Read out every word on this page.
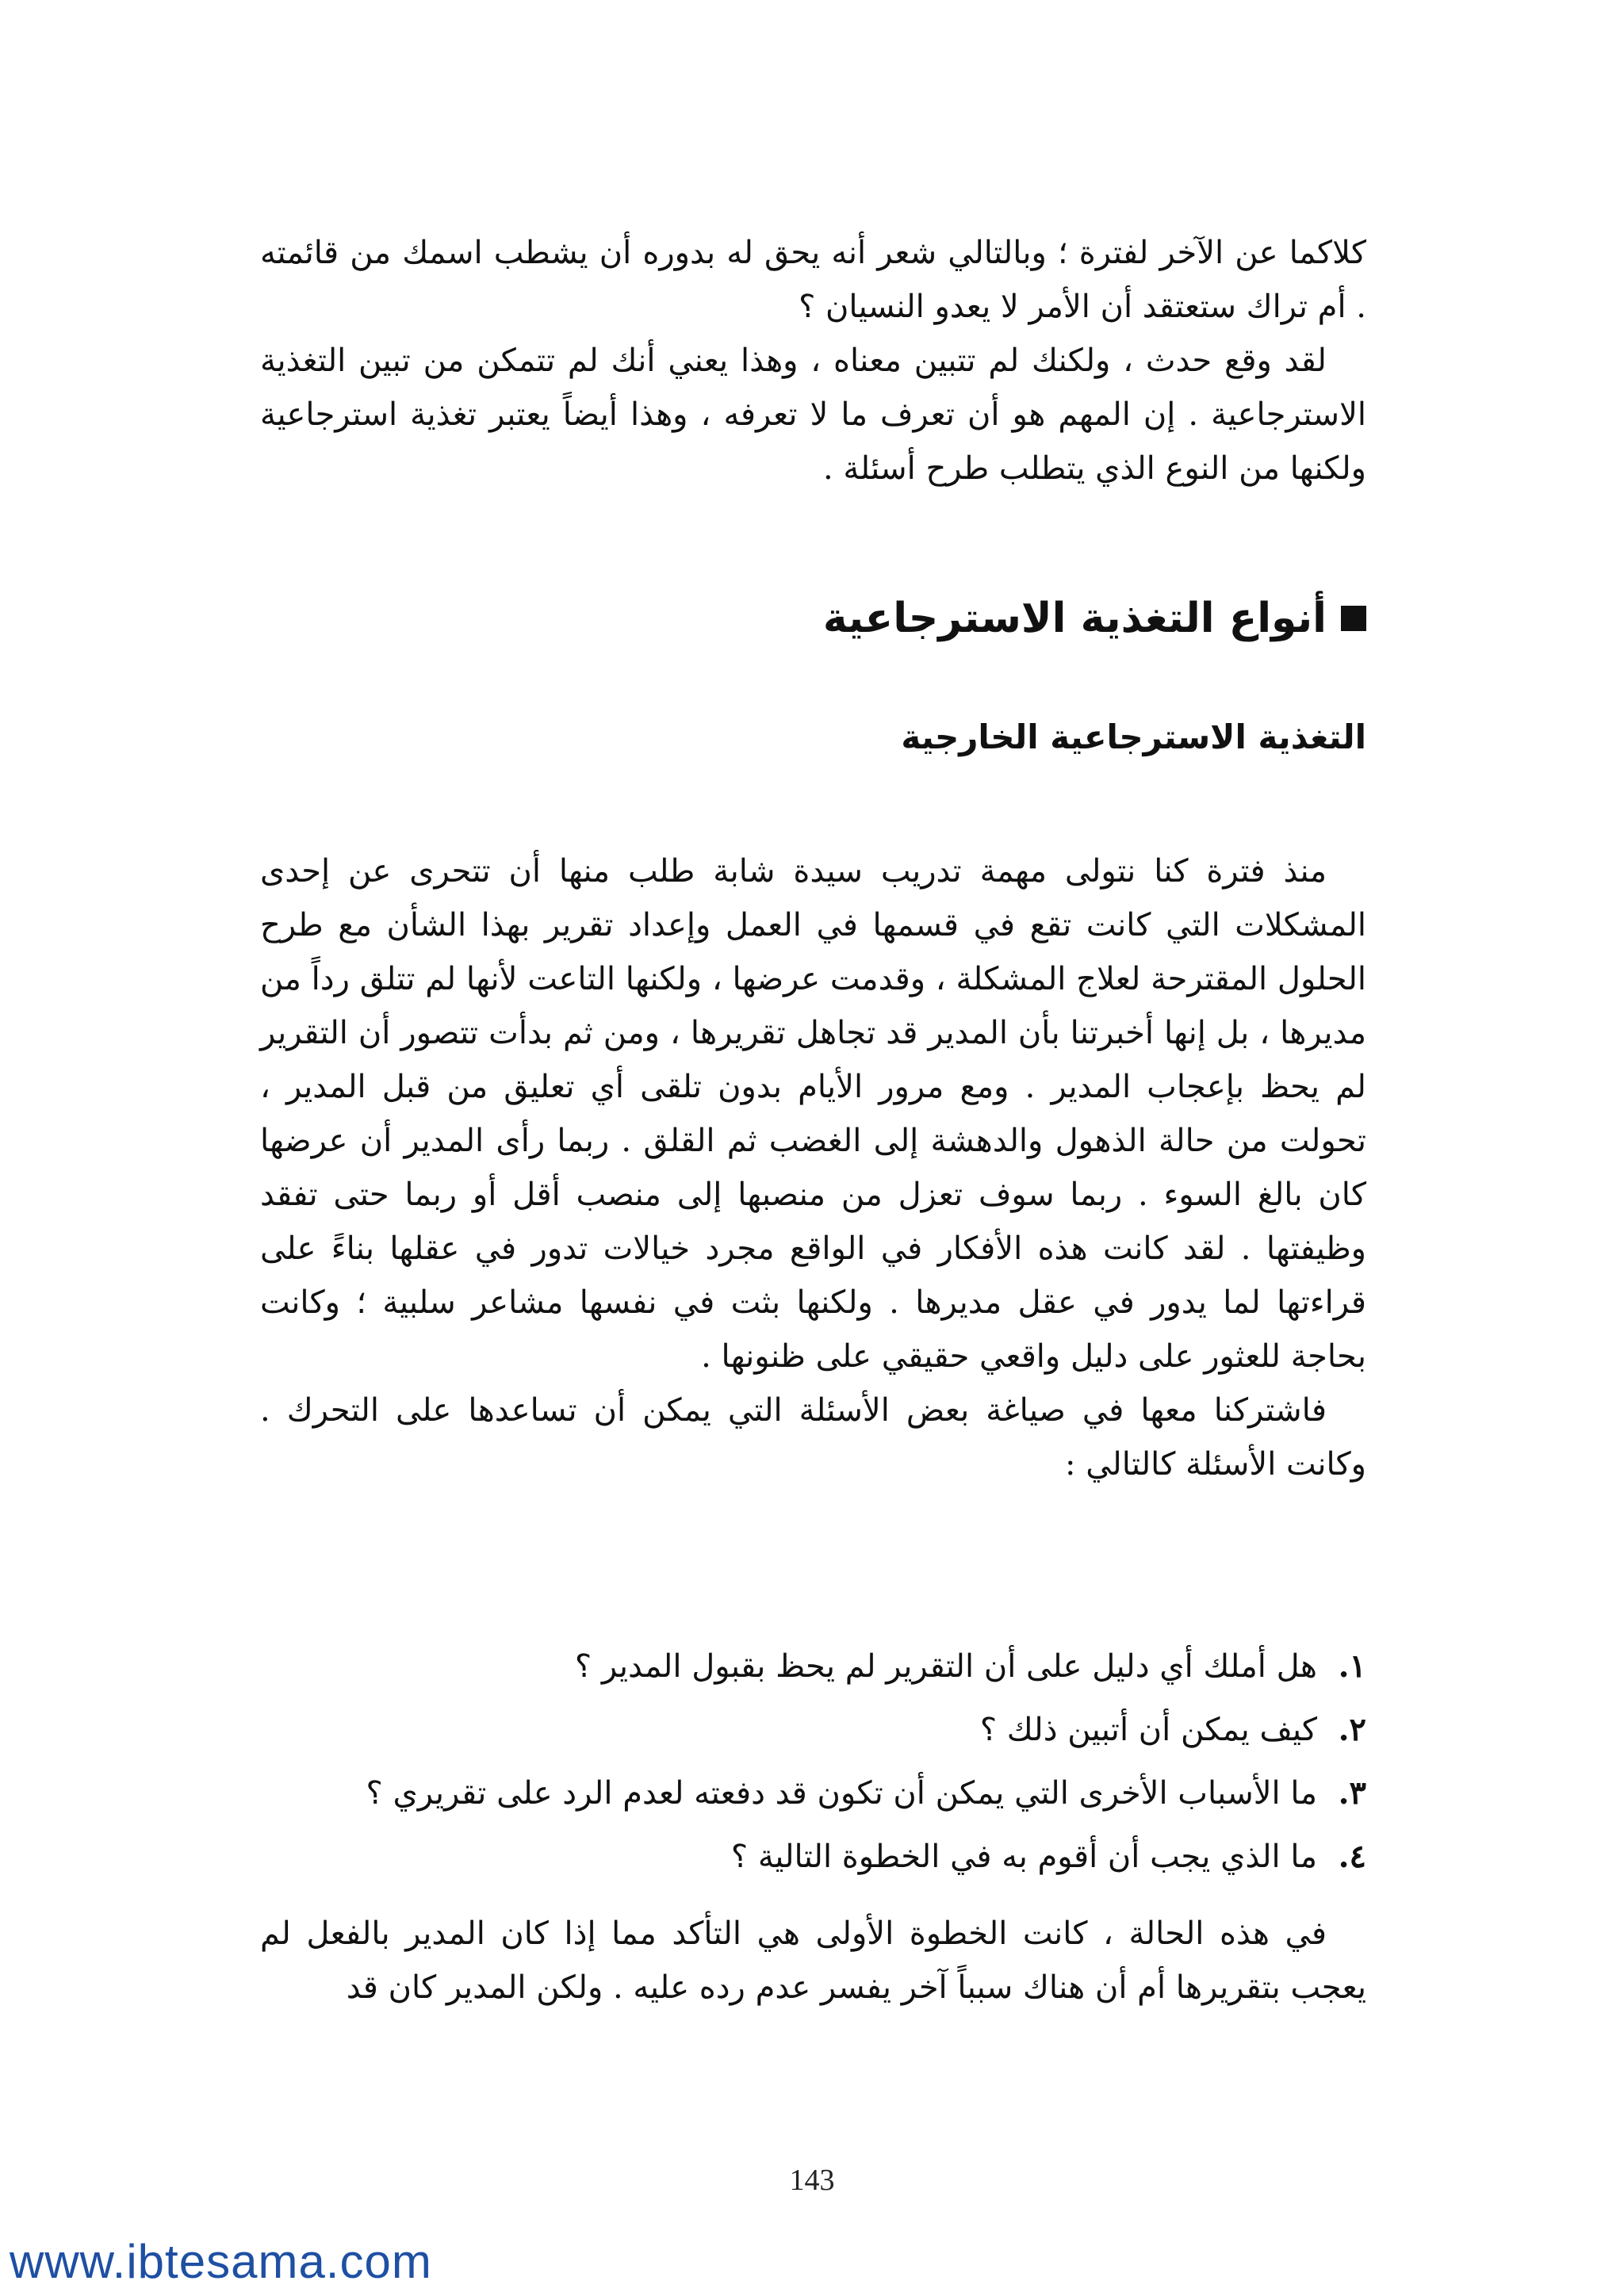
كلاكما عن الآخر لفترة ؛ وبالتالي شعر أنه يحق له بدوره أن يشطب اسمك من قائمته . أم تراك ستعتقد أن الأمر لا يعدو النسيان ؟

لقد وقع حدث ، ولكنك لم تتبين معناه ، وهذا يعني أنك لم تتمكن من تبين التغذية الاسترجاعية . إن المهم هو أن تعرف ما لا تعرفه ، وهذا أيضاً يعتبر تغذية استرجاعية ولكنها من النوع الذي يتطلب طرح أسئلة .

أنواع التغذية الاسترجاعية
التغذية الاسترجاعية الخارجية

منذ فترة كنا نتولى مهمة تدريب سيدة شابة طلب منها أن تتحرى عن إحدى المشكلات التي كانت تقع في قسمها في العمل وإعداد تقرير بهذا الشأن مع طرح الحلول المقترحة لعلاج المشكلة ، وقدمت عرضها ، ولكنها التاعت لأنها لم تتلق رداً من مديرها ، بل إنها أخبرتنا بأن المدير قد تجاهل تقريرها ، ومن ثم بدأت تتصور أن التقرير لم يحظ بإعجاب المدير . ومع مرور الأيام بدون تلقى أي تعليق من قبل المدير ، تحولت من حالة الذهول والدهشة إلى الغضب ثم القلق . ربما رأى المدير أن عرضها كان بالغ السوء . ربما سوف تعزل من منصبها إلى منصب أقل أو ربما حتى تفقد وظيفتها . لقد كانت هذه الأفكار في الواقع مجرد خيالات تدور في عقلها بناءً على قراءتها لما يدور في عقل مديرها . ولكنها بثت في نفسها مشاعر سلبية ؛ وكانت بحاجة للعثور على دليل واقعي حقيقي على ظنونها .

فاشتركنا معها في صياغة بعض الأسئلة التي يمكن أن تساعدها على التحرك . وكانت الأسئلة كالتالي :

١.
هل أملك أي دليل على أن التقرير لم يحظ بقبول المدير ؟
٢.
كيف يمكن أن أتبين ذلك ؟
٣.
ما الأسباب الأخرى التي يمكن أن تكون قد دفعته لعدم الرد على تقريري ؟
٤.
ما الذي يجب أن أقوم به في الخطوة التالية ؟

في هذه الحالة ، كانت الخطوة الأولى هي التأكد مما إذا كان المدير بالفعل لم يعجب بتقريرها أم أن هناك سبباً آخر يفسر عدم رده عليه . ولكن المدير كان قد

143
www.ibtesama.com
